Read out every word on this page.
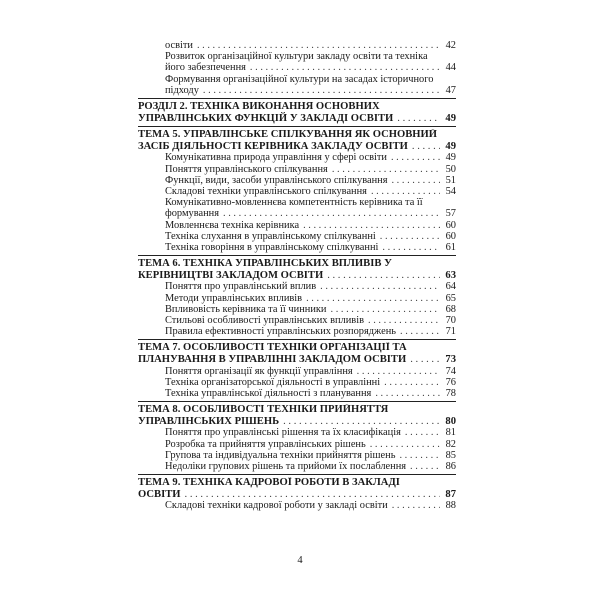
освіти . . .	42
Розвиток організаційної культури закладу освіти та техніка його забезпечення . . .	44
Формування організаційної культури на засадах історичного підходу . . .	47
РОЗДІЛ 2. ТЕХНІКА ВИКОНАННЯ ОСНОВНИХ УПРАВЛІНСЬКИХ ФУНКЦІЙ У ЗАКЛАДІ ОСВІТИ . . .	49
ТЕМА 5. УПРАВЛІНСЬКЕ СПІЛКУВАННЯ ЯК ОСНОВНИЙ ЗАСІБ ДІЯЛЬНОСТІ КЕРІВНИКА ЗАКЛАДУ ОСВІТИ . . .	49
Комунікативна природа управління у сфері освіти . . .	49
Поняття управлінського спілкування . . .	50
Функції, види, засоби управлінського спілкування . . .	51
Складові техніки управлінського спілкування . . .	54
Комунікативно-мовленнєва компетентність керівника та її формування . . .	57
Мовленнєва техніка керівника . . .	60
Техніка слухання в управлінському спілкуванні . . .	60
Техніка говоріння в управлінському спілкуванні . . .	61
ТЕМА 6. ТЕХНІКА УПРАВЛІНСЬКИХ ВПЛИВІВ У КЕРІВНИЦТВІ ЗАКЛАДОМ ОСВІТИ . . .	63
Поняття про управлінський вплив . . .	64
Методи управлінських впливів . . .	65
Впливовість керівника та її чинники . . .	68
Стильові особливості управлінських впливів . . .	70
Правила ефективності управлінських розпоряджень . . .	71
ТЕМА 7. ОСОБЛИВОСТІ ТЕХНІКИ ОРГАНІЗАЦІЇ ТА ПЛАНУВАННЯ В УПРАВЛІННІ ЗАКЛАДОМ ОСВІТИ . . .	73
Поняття організації як функції управління . . .	74
Техніка організаторської діяльності в управлінні . . .	76
Техніка управлінської діяльності з планування . . .	78
ТЕМА 8. ОСОБЛИВОСТІ ТЕХНІКИ ПРИЙНЯТТЯ УПРАВЛІНСЬКИХ РІШЕНЬ . . .	80
Поняття про управлінські рішення та їх класифікація . . .	81
Розробка та прийняття управлінських рішень . . .	82
Групова та індивідуальна техніки прийняття рішень . . .	85
Недоліки групових рішень та прийоми їх послаблення . . .	86
ТЕМА 9. ТЕХНІКА КАДРОВОЇ РОБОТИ В ЗАКЛАДІ ОСВІТИ . . .	87
Складові техніки кадрової роботи у закладі освіти . . .	88
4
